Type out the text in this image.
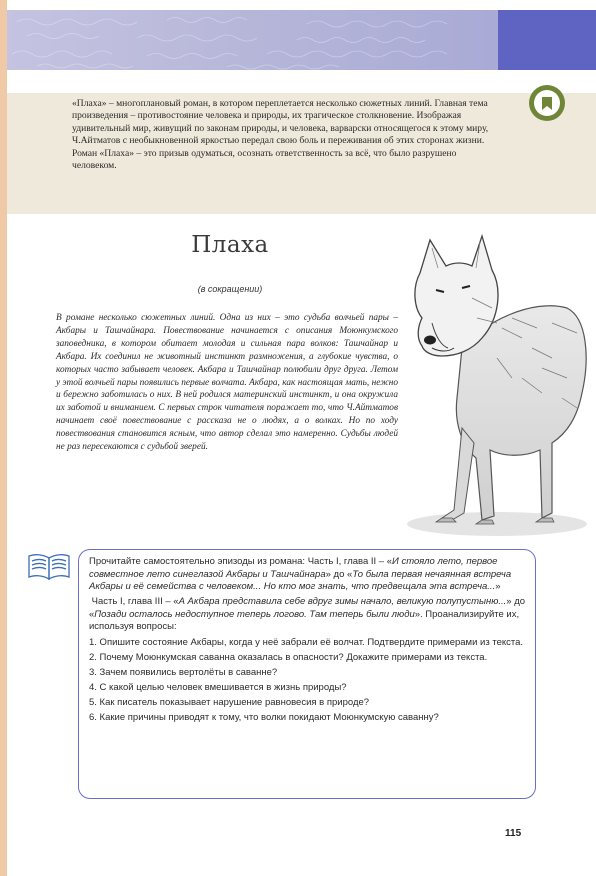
«Плаха» – многоплановый роман, в котором переплетается несколько сюжетных линий. Главная тема произведения – противостояние человека и природы, их трагическое столкновение. Изображая удивительный мир, живущий по законам природы, и человека, варварски относящегося к этому миру, Ч.Айтматов с необыкновенной яркостью передал свою боль и переживания об этих сторонах жизни.

Роман «Плаха» – это призыв одуматься, осознать ответственность за всё, что было разрушено человеком.

Плаха
(в сокращении)

В романе несколько сюжетных линий. Одна из них – это судьба волчьей пары – Акбары и Ташчайнара. Повествование начинается с описания Моюнкумского заповедника, в котором обитает молодая и сильная пара волков: Ташчайнар и Акбара. Их соединил не животный инстинкт размножения, а глубокие чувства, о которых часто забывает человек. Акбара и Ташчайнар полюбили друг друга. Летом у этой волчьей пары появились первые волчата. Акбара, как настоящая мать, нежно и бережно заботилась о них. В ней родился материнский инстинкт, и она окружила их заботой и вниманием. С первых строк читателя поражает то, что Ч.Айтматов начинает своё повествование с рассказа не о людях, а о волках. Но по ходу повествования становится ясным, что автор сделал это намеренно. Судьбы людей не раз пересекаются с судьбой зверей.

Прочитайте самостоятельно эпизоды из романа: Часть I, глава II – «И стояло лето, первое совместное лето синеглазой Акбары и Ташчайнара» до «То была первая нечаянная встреча Акбары и её семейства с человеком... Но кто мог знать, что предвещала эта встреча...»

Часть I, глава III – «А Акбара представила себе вдруг зимы начало, великую полупустыню...» до «Позади осталось недоступное теперь логово. Там теперь были люди». Проанализируйте их, используя вопросы:

1. Опишите состояние Акбары, когда у неё забрали её волчат. Подтвердите примерами из текста.
2. Почему Моюнкумская саванна оказалась в опасности? Докажите примерами из текста.
3. Зачем появились вертолёты в саванне?
4. С какой целью человек вмешивается в жизнь природы?
5. Как писатель показывает нарушение равновесия в природе?
6. Какие причины приводят к тому, что волки покидают Моюнкумскую саванну?
115
